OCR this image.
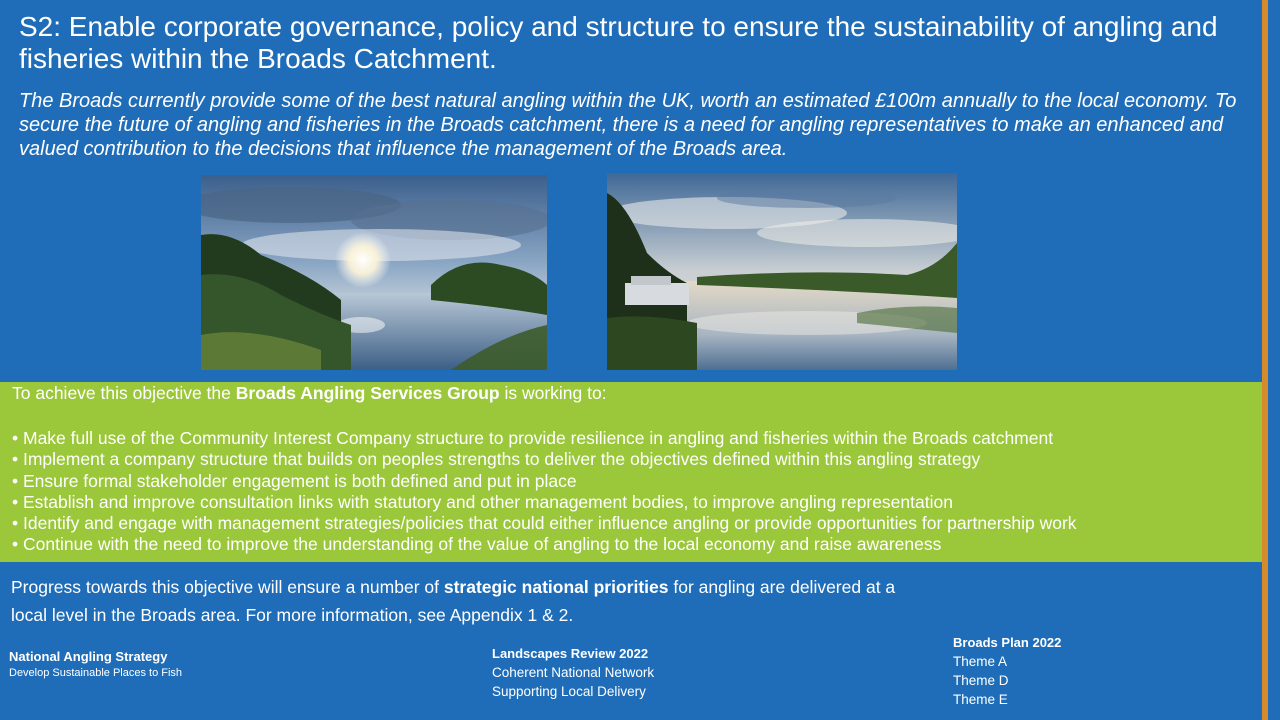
S2: Enable corporate governance, policy and structure to ensure the sustainability of angling and fisheries within the Broads Catchment.

The Broads currently provide some of the best natural angling within the UK, worth an estimated £100m annually to the local economy. To secure the future of angling and fisheries in the Broads catchment, there is a need for angling representatives to make an enhanced and valued contribution to the decisions that influence the management of the Broads area.

To achieve this objective the Broads Angling Services Group is working to:
• Make full use of the Community Interest Company structure to provide resilience in angling and fisheries within the Broads catchment
• Implement a company structure that builds on peoples strengths to deliver the objectives defined within this angling strategy
• Ensure formal stakeholder engagement is both defined and put in place
• Establish and improve consultation links with statutory and other management bodies, to improve angling representation
• Identify and engage with management strategies/policies that could either influence angling or provide opportunities for partnership work
• Continue with the need to improve the understanding of the value of angling to the local economy and raise awareness

Progress towards this objective will ensure a number of strategic national priorities for angling are delivered at a local level in the Broads area. For more information, see Appendix 1 & 2.

National Angling Strategy
Develop Sustainable Places to Fish
Landscapes Review 2022
Coherent National Network
Supporting Local Delivery
Broads Plan 2022
Theme A
Theme D
Theme E
